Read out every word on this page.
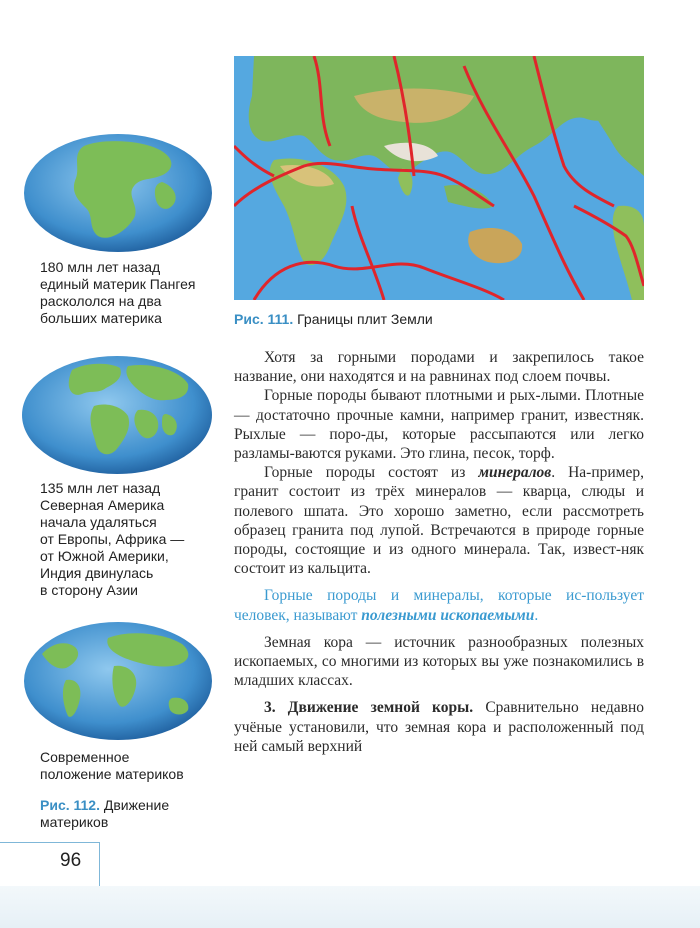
180 млн лет назад
единый материк Пангея
раскололся на два
больших материка
135 млн лет назад
Северная Америка
начала удаляться
от Европы, Африка —
от Южной Америки,
Индия двинулась
в сторону Азии
Современное
положение материков
Рис. 112. Движение
материков
Рис. 111. Границы плит Земли

Хотя за горными породами и закрепилось такое название, они находятся и на равнинах под слоем почвы.

Горные породы бывают плотными и рых-лыми. Плотные — достаточно прочные камни, например гранит, известняк. Рыхлые — поро-ды, которые рассыпаются или легко разламы-ваются руками. Это глина, песок, торф.

Горные породы состоят из минералов. На-пример, гранит состоит из трёх минералов — кварца, слюды и полевого шпата. Это хорошо заметно, если рассмотреть образец гранита под лупой. Встречаются в природе горные породы, состоящие и из одного минерала. Так, извест-няк состоит из кальцита.

Горные породы и минералы, которые ис-пользует человек, называют полезными ископаемыми.

Земная кора — источник разнообразных полезных ископаемых, со многими из которых вы уже познакомились в младших классах.

3. Движение земной коры. Сравнительно недавно учёные установили, что земная кора и расположенный под ней самый верхний

96
